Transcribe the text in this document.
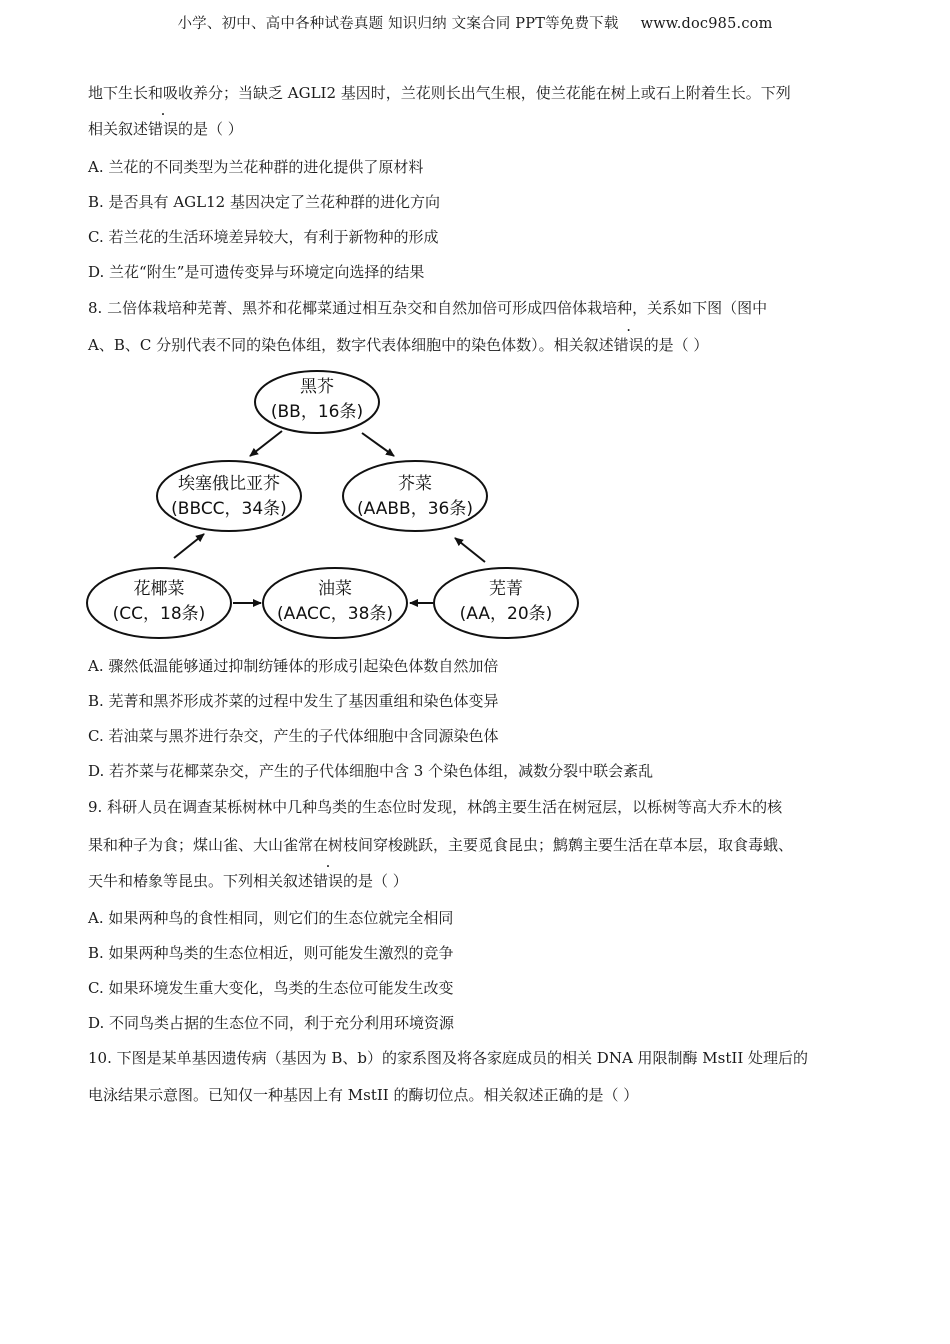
小学、初中、高中各种试卷真题 知识归纳 文案合同 PPT等免费下载 www.doc985.com
地下生长和吸收养分；当缺乏 AGLI2 基因时，兰花则长出气生根，使兰花能在树上或石上附着生长。下列
相关叙述错误的是（ ）
A. 兰花的不同类型为兰花种群的进化提供了原材料
B. 是否具有 AGL12 基因决定了兰花种群的进化方向
C. 若兰花的生活环境差异较大，有利于新物种的形成
D. 兰花“附生”是可遗传变异与环境定向选择的结果
8. 二倍体栽培种芜菁、黑芥和花椰菜通过相互杂交和自然加倍可形成四倍体栽培种，关系如下图（图中
A、B、C 分别代表不同的染色体组，数字代表体细胞中的染色体数）。相关叙述错误的是（ ）
黑芥
(BB，16条)
埃塞俄比亚芥
(BBCC，34条)
芥菜
(AABB，36条)
花椰菜
(CC，18条)
油菜
(AACC，38条)
芜菁
(AA，20条)
A. 骤然低温能够通过抑制纺锤体的形成引起染色体数自然加倍
B. 芜菁和黑芥形成芥菜的过程中发生了基因重组和染色体变异
C. 若油菜与黑芥进行杂交，产生的子代体细胞中含同源染色体
D. 若芥菜与花椰菜杂交，产生的子代体细胞中含 3 个染色体组，减数分裂中联会紊乱
9. 科研人员在调查某栎树林中几种鸟类的生态位时发现，林鸽主要生活在树冠层，以栎树等高大乔木的核
果和种子为食；煤山雀、大山雀常在树枝间穿梭跳跃，主要觅食昆虫；鹪鹩主要生活在草本层，取食毒蛾、
天牛和椿象等昆虫。下列相关叙述错误的是（ ）
A. 如果两种鸟的食性相同，则它们的生态位就完全相同
B. 如果两种鸟类的生态位相近，则可能发生激烈的竞争
C. 如果环境发生重大变化，鸟类的生态位可能发生改变
D. 不同鸟类占据的生态位不同，利于充分利用环境资源
10. 下图是某单基因遗传病（基因为 B、b）的家系图及将各家庭成员的相关 DNA 用限制酶 MstII 处理后的
电泳结果示意图。已知仅一种基因上有 MstII 的酶切位点。相关叙述正确的是（ ）
